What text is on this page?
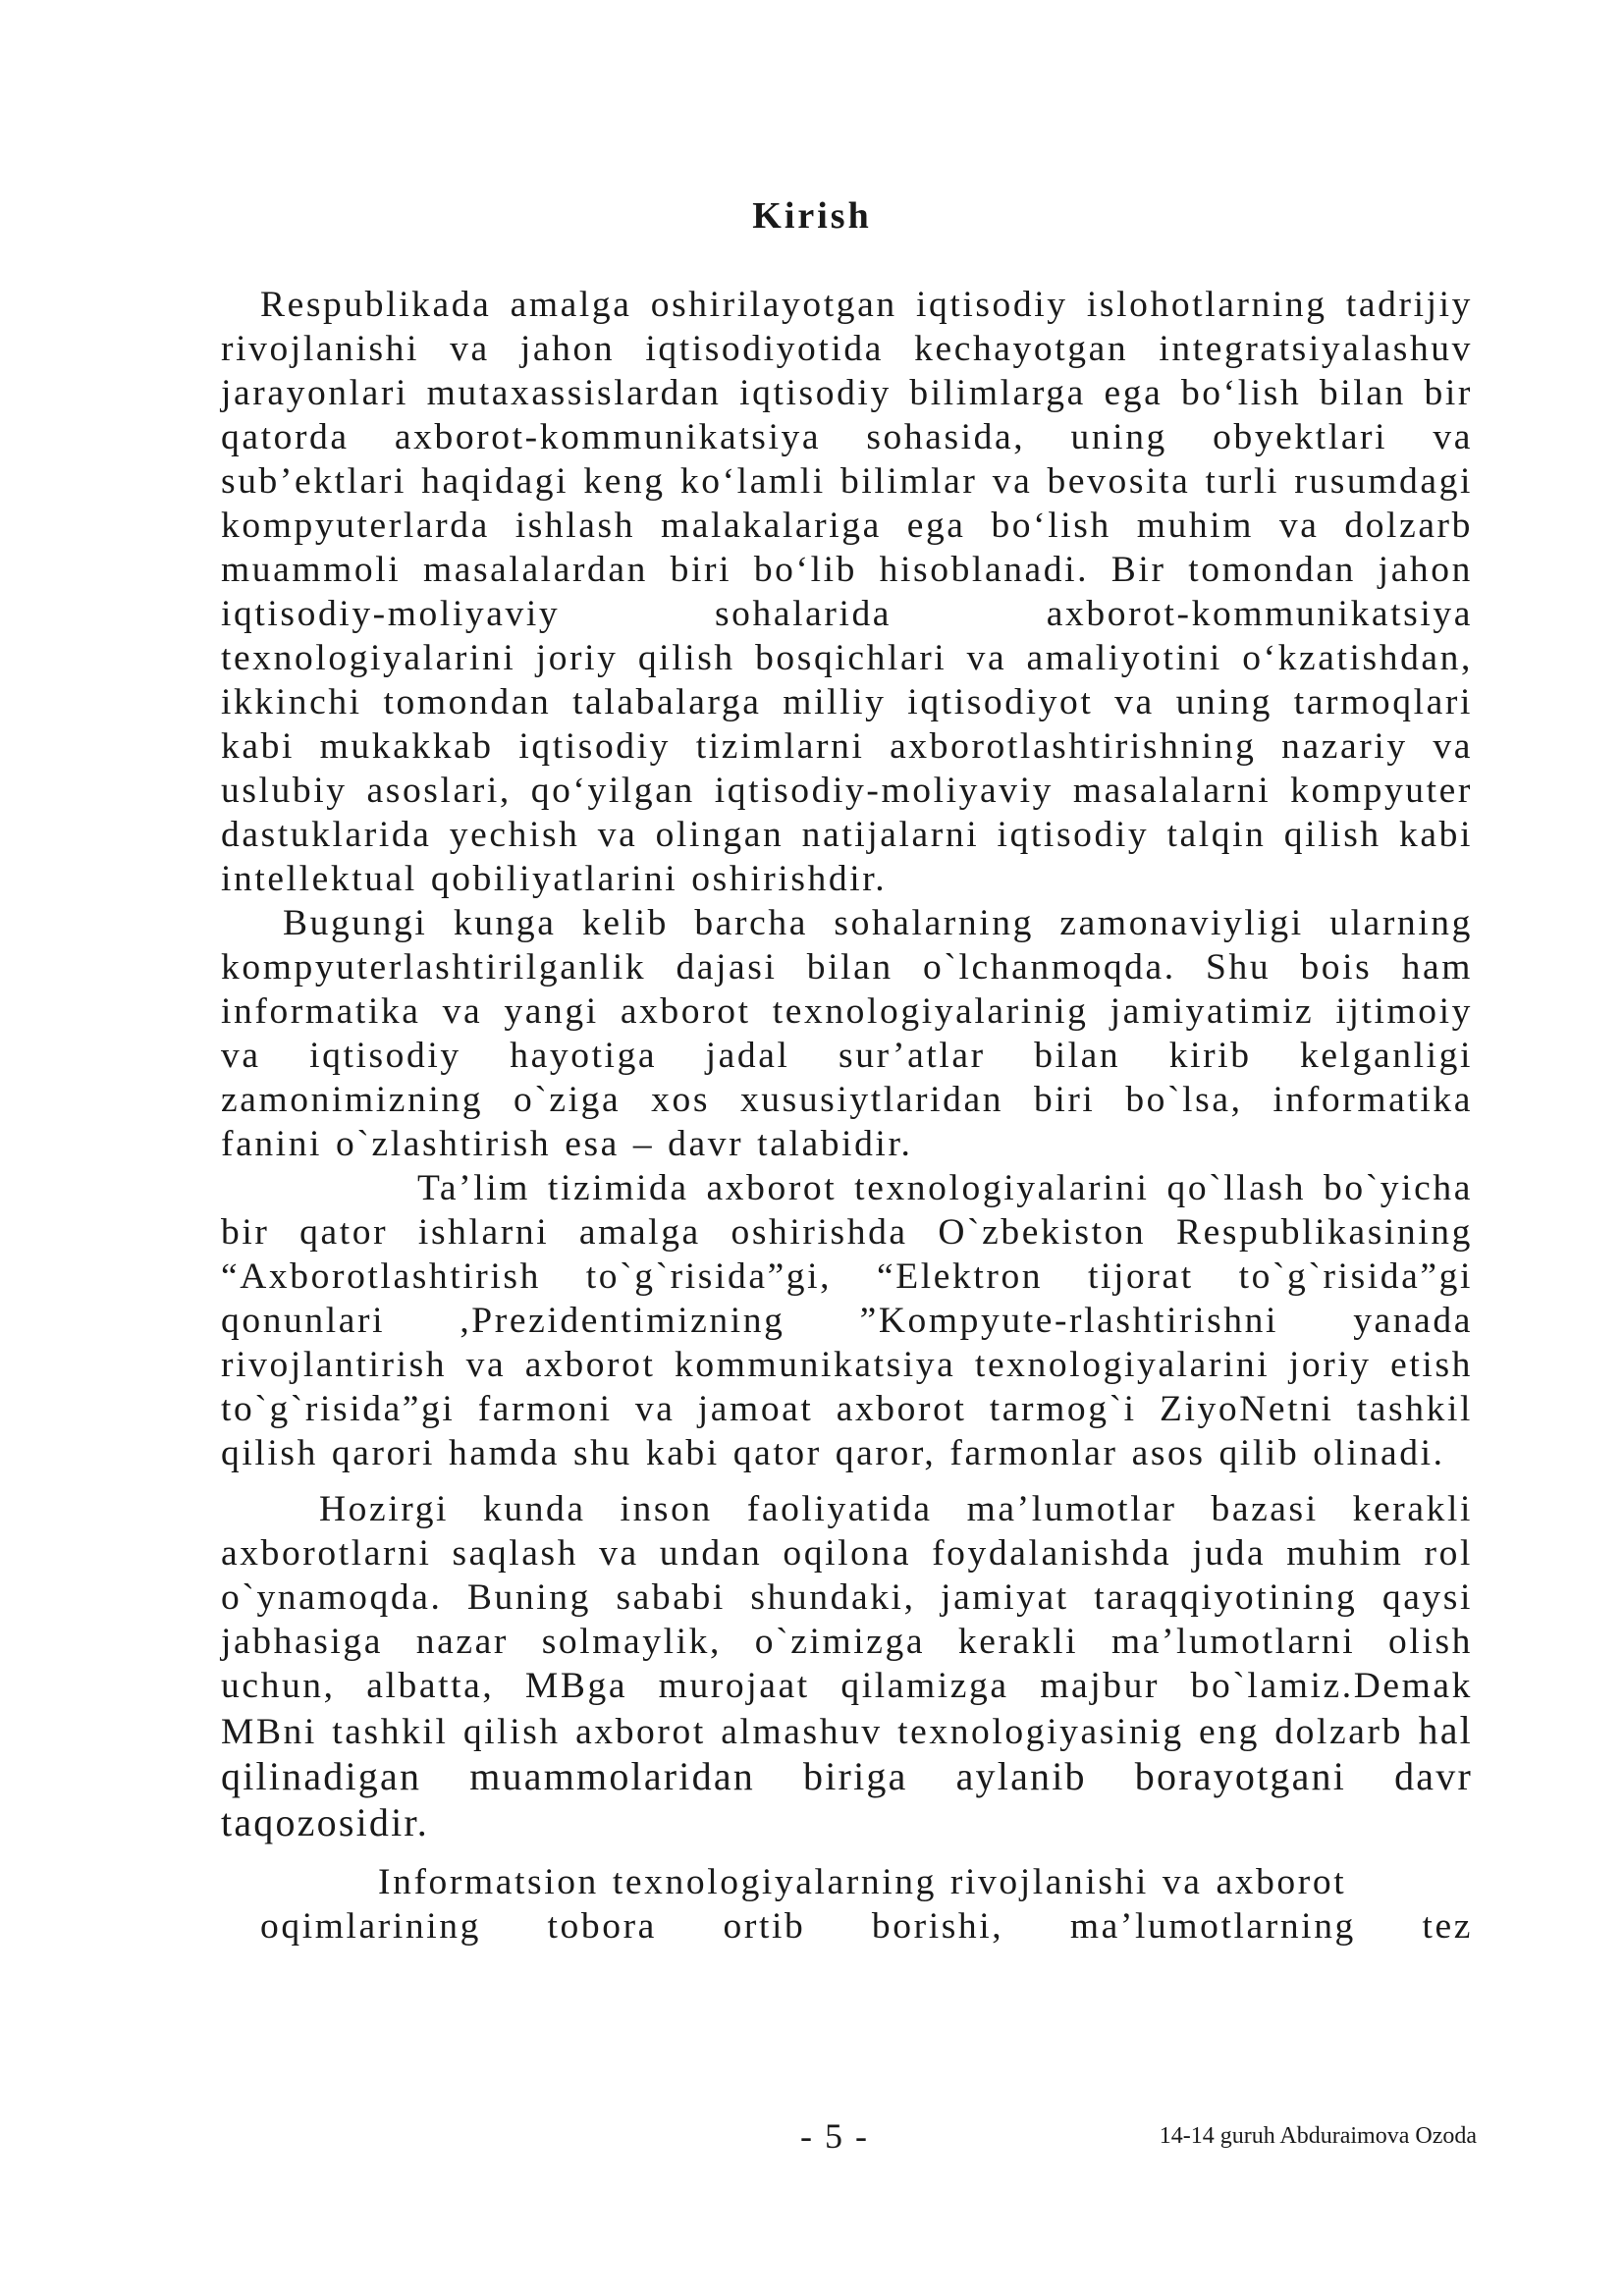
Kirish

Respublikada amalga oshirilayotgan iqtisodiy islohotlarning tadrijiy rivojlanishi va jahon iqtisodiyotida kechayotgan integratsiyalashuv jarayonlari mutaxassislardan iqtisodiy bilimlarga ega bo‘lish bilan bir qatorda axborot-kommunikatsiya sohasida, uning obyektlari va sub’ektlari haqidagi keng ko‘lamli bilimlar va bevosita turli rusumdagi kompyuterlarda ishlash malakalariga ega bo‘lish muhim va dolzarb muammoli masalalardan biri bo‘lib hisoblanadi. Bir tomondan jahon iqtisodiy-moliyaviy sohalarida axborot-kommunikatsiya texnologiyalarini joriy qilish bosqichlari va amaliyotini o‘kzatishdan, ikkinchi tomondan talabalarga milliy iqtisodiyot va uning tarmoqlari kabi mukakkab iqtisodiy tizimlarni axborotlashtirishning nazariy va uslubiy asoslari, qo‘yilgan iqtisodiy-moliyaviy masalalarni kompyuter dastuklarida yechish va olingan natijalarni iqtisodiy talqin qilish kabi intellektual qobiliyatlarini oshirishdir.

Bugungi kunga kelib barcha sohalarning zamonaviyligi ularning kompyuterlashtirilganlik dajasi bilan o`lchanmoqda. Shu bois ham informatika va yangi axborot texnologiyalarinig jamiyatimiz ijtimoiy va iqtisodiy hayotiga jadal sur’atlar bilan kirib kelganligi zamonimizning o`ziga xos xususiytlaridan biri bo`lsa, informatika fanini o`zlashtirish esa – davr talabidir.

Ta’lim tizimida axborot texnologiyalarini qo`llash bo`yicha bir qator ishlarni amalga oshirishda O`zbekiston Respublikasining “Axborotlashtirish to`g`risida”gi, “Elektron tijorat to`g`risida”gi qonunlari ,Prezidentimizning ”Kompyute-rlashtirishni yanada rivojlantirish va axborot kommunikatsiya texnologiyalarini joriy etish to`g`risida”gi farmoni va jamoat axborot tarmog`i ZiyoNetni tashkil qilish qarori hamda shu kabi qator qaror, farmonlar asos qilib olinadi.

Hozirgi kunda inson faoliyatida ma’lumotlar bazasi kerakli axborotlarni saqlash va undan oqilona foydalanishda juda muhim rol o`ynamoqda. Buning sababi shundaki, jamiyat taraqqiyotining qaysi jabhasiga nazar solmaylik, o`zimizga kerakli ma’lumotlarni olish uchun, albatta, MBga murojaat qilamizga majbur bo`lamiz.Demak MBni tashkil qilish axborot almashuv texnologiyasinig eng dolzarb hal qilinadigan muammolaridan biriga aylanib borayotgani davr taqozosidir.

Informatsion texnologiyalarning rivojlanishi va axborot
oqimlarining tobora ortib borishi, ma’lumotlarning tez

- 5 -	14-14 guruh Abduraimova Ozoda
